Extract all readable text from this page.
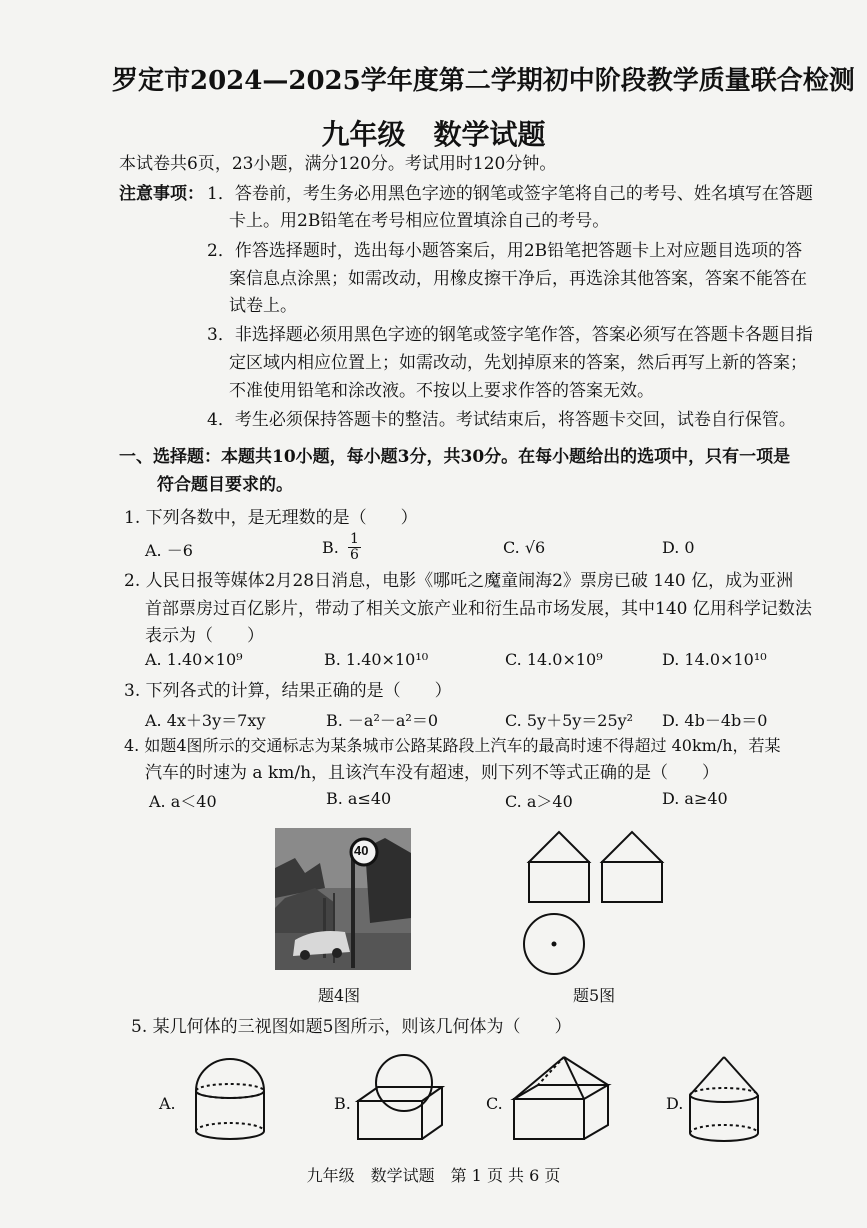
罗定市2024—2025学年度第二学期初中阶段教学质量联合检测
九年级　数学试题
本试卷共6页，23小题，满分120分。考试用时120分钟。
注意事项： 1．答卷前，考生务必用黑色字迹的钢笔或签字笔将自己的考号、姓名填写在答题
卡上。用2B铅笔在考号相应位置填涂自己的考号。
2．作答选择题时，选出每小题答案后，用2B铅笔把答题卡上对应题目选项的答
案信息点涂黑；如需改动，用橡皮擦干净后，再选涂其他答案，答案不能答在
试卷上。
3．非选择题必须用黑色字迹的钢笔或签字笔作答，答案必须写在答题卡各题目指
定区域内相应位置上；如需改动，先划掉原来的答案，然后再写上新的答案；
不准使用铅笔和涂改液。不按以上要求作答的答案无效。
4．考生必须保持答题卡的整洁。考试结束后，将答题卡交回，试卷自行保管。
一、选择题：本题共10小题，每小题3分，共30分。在每小题给出的选项中，只有一项是
符合题目要求的。
1. 下列各数中，是无理数的是（　　）
A. －6	B. $\frac{1}{6}$	C. √6	D. 0
2. 人民日报等媒体2月28日消息，电影《哪吒之魔童闹海2》票房已破 140 亿，成为亚洲
首部票房过百亿影片，带动了相关文旅产业和衍生品市场发展，其中140 亿用科学记数法
表示为（　　）
A. 1.40×10⁹	B. 1.40×10¹⁰	C. 14.0×10⁹	D. 14.0×10¹⁰
3. 下列各式的计算，结果正确的是（　　）
A. 4x＋3y＝7xy	B. －a²－a²＝0	C. 5y＋5y＝25y² D. 4b－4b＝0
4. 如题4图所示的交通标志为某条城市公路某路段上汽车的最高时速不得超过 40km/h，若某
汽车的时速为 a km/h，且该汽车没有超速，则下列不等式正确的是（　　）
A. a＜40	B. a≤40	C. a＞40	D. a≥40
40
题4图	题5图
5. 某几何体的三视图如题5图所示，则该几何体为（　　）
A.	B.	C.	D.
九年级　数学试题　第 1 页 共 6 页
